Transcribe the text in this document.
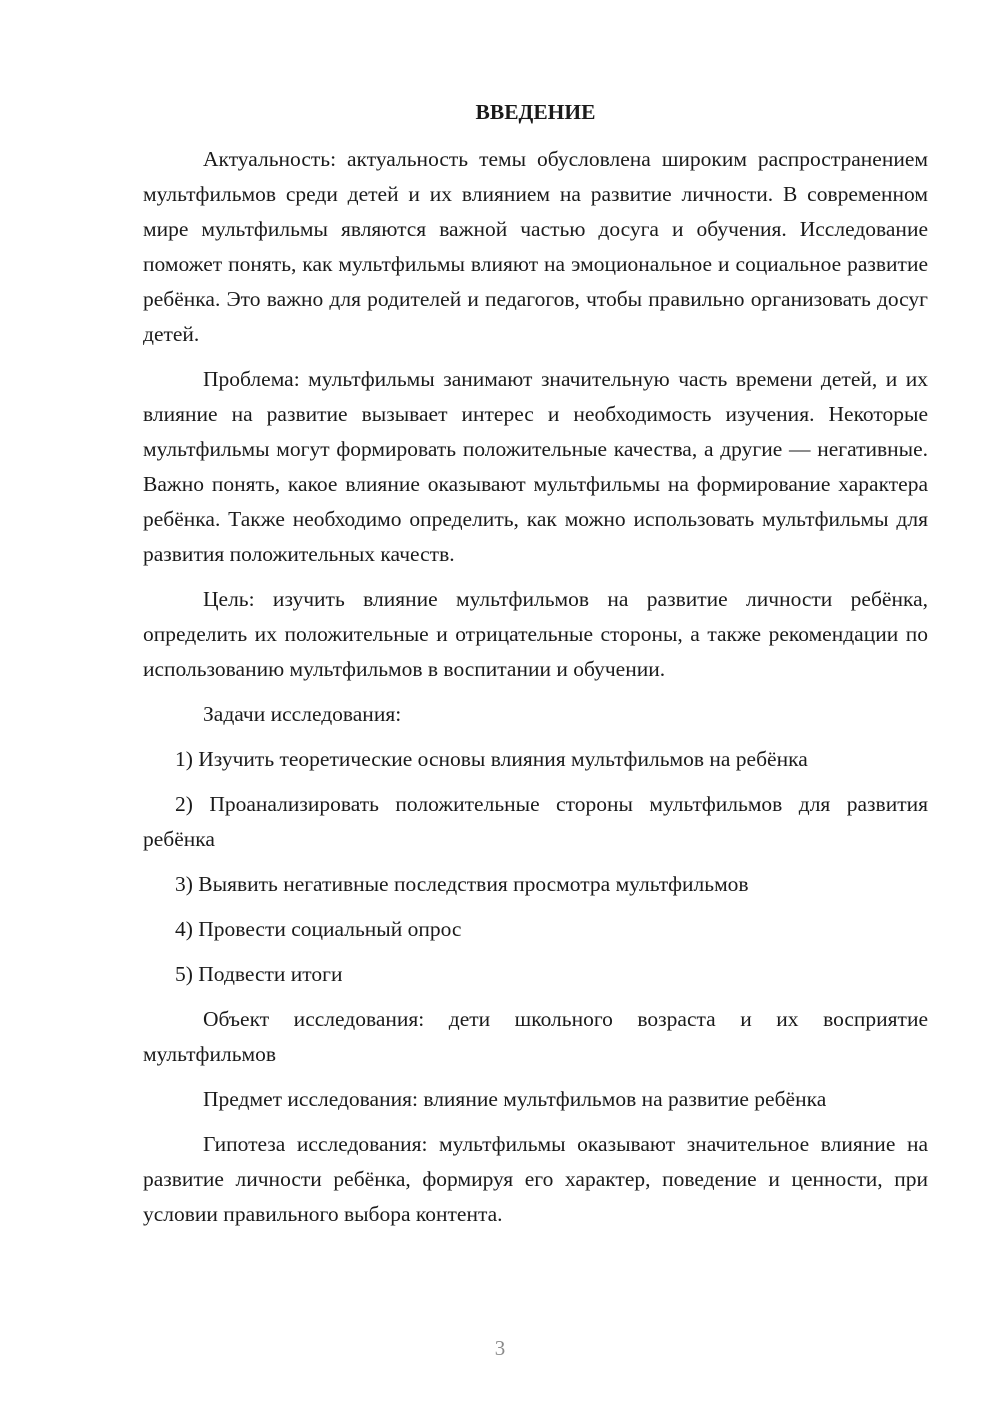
ВВЕДЕНИЕ

Актуальность: актуальность темы обусловлена широким распространением мультфильмов среди детей и их влиянием на развитие личности. В современном мире мультфильмы являются важной частью досуга и обучения. Исследование поможет понять, как мультфильмы влияют на эмоциональное и социальное развитие ребёнка. Это важно для родителей и педагогов, чтобы правильно организовать досуг детей.

Проблема: мультфильмы занимают значительную часть времени детей, и их влияние на развитие вызывает интерес и необходимость изучения. Некоторые мультфильмы могут формировать положительные качества, а другие — негативные. Важно понять, какое влияние оказывают мультфильмы на формирование характера ребёнка. Также необходимо определить, как можно использовать мультфильмы для развития положительных качеств.

Цель: изучить влияние мультфильмов на развитие личности ребёнка, определить их положительные и отрицательные стороны, а также рекомендации по использованию мультфильмов в воспитании и обучении.

Задачи исследования:

1) Изучить теоретические основы влияния мультфильмов на ребёнка

2) Проанализировать положительные стороны мультфильмов для развития ребёнка

3) Выявить негативные последствия просмотра мультфильмов

4) Провести социальный опрос

5) Подвести итоги

Объект исследования: дети школьного возраста и их восприятие мультфильмов

Предмет исследования: влияние мультфильмов на развитие ребёнка

Гипотеза исследования: мультфильмы оказывают значительное влияние на развитие личности ребёнка, формируя его характер, поведение и ценности, при условии правильного выбора контента.

3
